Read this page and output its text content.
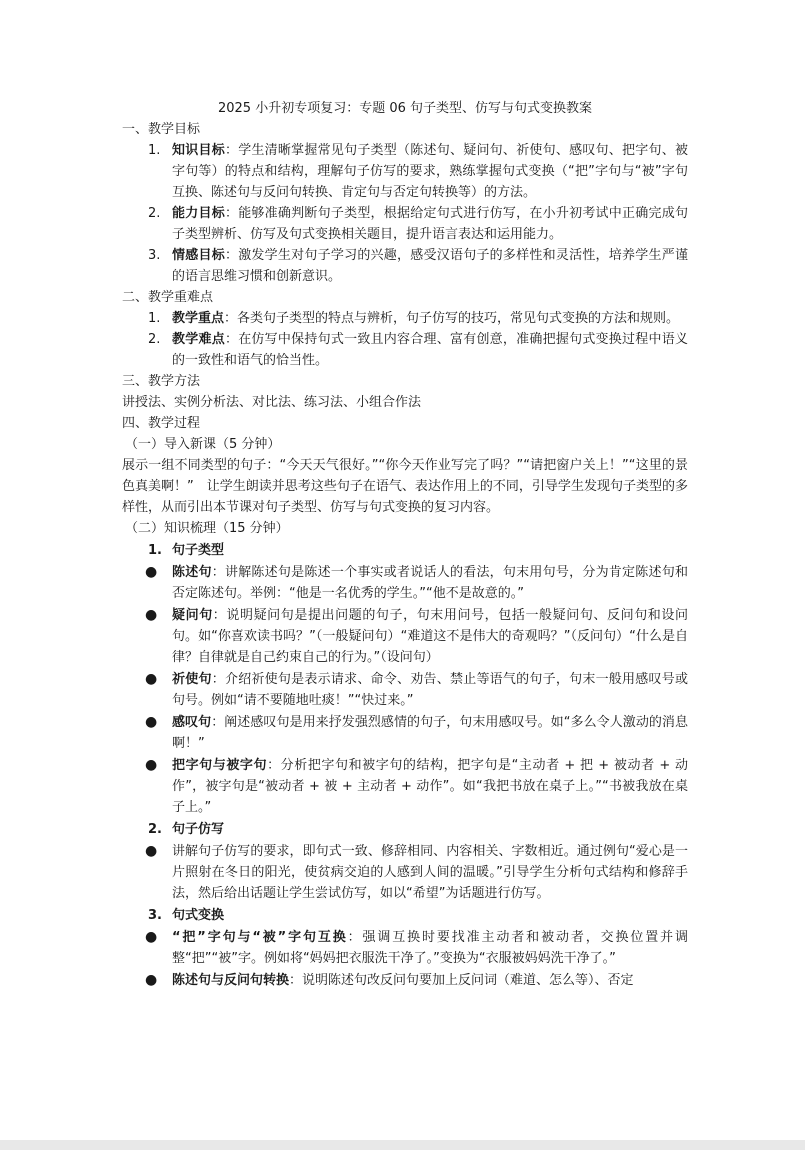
2025 小升初专项复习：专题 06 句子类型、仿写与句式变换教案
一、教学目标
1. 知识目标：学生清晰掌握常见句子类型（陈述句、疑问句、祈使句、感叹句、把字句、被字句等）的特点和结构，理解句子仿写的要求，熟练掌握句式变换（“把”字句与“被”字句互换、陈述句与反问句转换、肯定句与否定句转换等）的方法。
2. 能力目标：能够准确判断句子类型，根据给定句式进行仿写，在小升初考试中正确完成句子类型辨析、仿写及句式变换相关题目，提升语言表达和运用能力。
3. 情感目标：激发学生对句子学习的兴趣，感受汉语句子的多样性和灵活性，培养学生严谨的语言思维习惯和创新意识。
二、教学重难点
1. 教学重点：各类句子类型的特点与辨析，句子仿写的技巧，常见句式变换的方法和规则。
2. 教学难点：在仿写中保持句式一致且内容合理、富有创意，准确把握句式变换过程中语义的一致性和语气的恰当性。
三、教学方法
讲授法、实例分析法、对比法、练习法、小组合作法
四、教学过程
（一）导入新课（5 分钟）
展示一组不同类型的句子：“今天天气很好。”“你今天作业写完了吗？”“请把窗户关上！”“这里的景色真美啊！”　让学生朗读并思考这些句子在语气、表达作用上的不同，引导学生发现句子类型的多样性，从而引出本节课对句子类型、仿写与句式变换的复习内容。
（二）知识梳理（15 分钟）
1. 句子类型
● 陈述句：讲解陈述句是陈述一个事实或者说话人的看法，句末用句号，分为肯定陈述句和否定陈述句。举例：“他是一名优秀的学生。”“他不是故意的。”
● 疑问句：说明疑问句是提出问题的句子，句末用问号，包括一般疑问句、反问句和设问句。如“你喜欢读书吗？”（一般疑问句）“难道这不是伟大的奇观吗？”（反问句）“什么是自律？自律就是自己约束自己的行为。”（设问句）
● 祈使句：介绍祈使句是表示请求、命令、劝告、禁止等语气的句子，句末一般用感叹号或句号。例如“请不要随地吐痰！”“快过来。”
● 感叹句：阐述感叹句是用来抒发强烈感情的句子，句末用感叹号。如“多么令人激动的消息啊！”
● 把字句与被字句：分析把字句和被字句的结构，把字句是“主动者 + 把 + 被动者 + 动作”，被字句是“被动者 + 被 + 主动者 + 动作”。如“我把书放在桌子上。”“书被我放在桌子上。”
2. 句子仿写
● 讲解句子仿写的要求，即句式一致、修辞相同、内容相关、字数相近。通过例句“爱心是一片照射在冬日的阳光，使贫病交迫的人感到人间的温暖。”引导学生分析句式结构和修辞手法，然后给出话题让学生尝试仿写，如以“希望”为话题进行仿写。
3. 句式变换
● “把”字句与“被”字句互换：强调互换时要找准主动者和被动者，交换位置并调整“把”“被”字。例如将“妈妈把衣服洗干净了。”变换为“衣服被妈妈洗干净了。”
● 陈述句与反问句转换：说明陈述句改反问句要加上反问词（难道、怎么等）、否定
